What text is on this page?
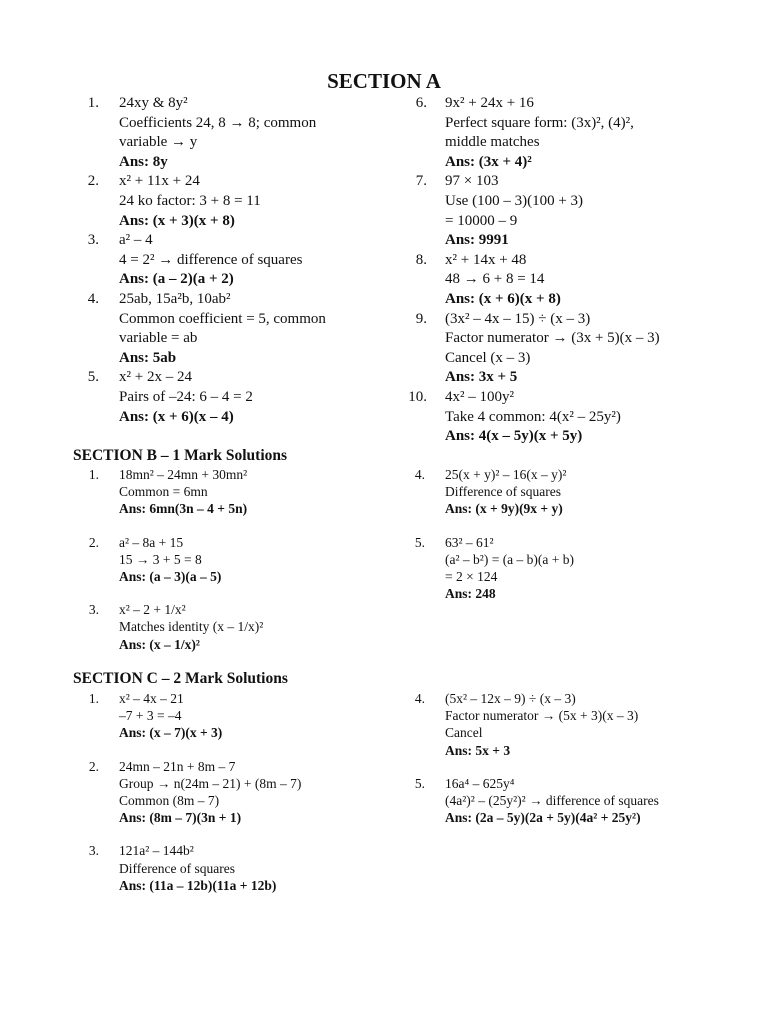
SECTION A
1. 24xy & 8y²
Coefficients 24, 8 → 8; common
variable → y
Ans: 8y
2. x² + 11x + 24
24 ko factor: 3 + 8 = 11
Ans: (x + 3)(x + 8)
3. a² – 4
4 = 2² → difference of squares
Ans: (a – 2)(a + 2)
4. 25ab, 15a²b, 10ab²
Common coefficient = 5, common
variable = ab
Ans: 5ab
5. x² + 2x – 24
Pairs of –24: 6 – 4 = 2
Ans: (x + 6)(x – 4)
6. 9x² + 24x + 16
Perfect square form: (3x)², (4)²,
middle matches
Ans: (3x + 4)²
7. 97 × 103
Use (100 – 3)(100 + 3)
= 10000 – 9
Ans: 9991
8. x² + 14x + 48
48 → 6 + 8 = 14
Ans: (x + 6)(x + 8)
9. (3x² – 4x – 15) ÷ (x – 3)
Factor numerator → (3x + 5)(x – 3)
Cancel (x – 3)
Ans: 3x + 5
10. 4x² – 100y²
Take 4 common: 4(x² – 25y²)
Ans: 4(x – 5y)(x + 5y)
SECTION B – 1 Mark Solutions
1. 18mn² – 24mn + 30mn²
Common = 6mn
Ans: 6mn(3n – 4 + 5n)
2. a² – 8a + 15
15 → 3 + 5 = 8
Ans: (a – 3)(a – 5)
3. x² – 2 + 1/x²
Matches identity (x – 1/x)²
Ans: (x – 1/x)²
4. 25(x + y)² – 16(x – y)²
Difference of squares
Ans: (x + 9y)(9x + y)
5. 63² – 61²
(a² – b²) = (a – b)(a + b)
= 2 × 124
Ans: 248
SECTION C – 2 Mark Solutions
1. x² – 4x – 21
–7 + 3 = –4
Ans: (x – 7)(x + 3)
2. 24mn – 21n + 8m – 7
Group → n(24m – 21) + (8m – 7)
Common (8m – 7)
Ans: (8m – 7)(3n + 1)
3. 121a² – 144b²
Difference of squares
Ans: (11a – 12b)(11a + 12b)
4. (5x² – 12x – 9) ÷ (x – 3)
Factor numerator → (5x + 3)(x – 3)
Cancel
Ans: 5x + 3
5. 16a⁴ – 625y⁴
(4a²)² – (25y²)² → difference of squares
Ans: (2a – 5y)(2a + 5y)(4a² + 25y²)
